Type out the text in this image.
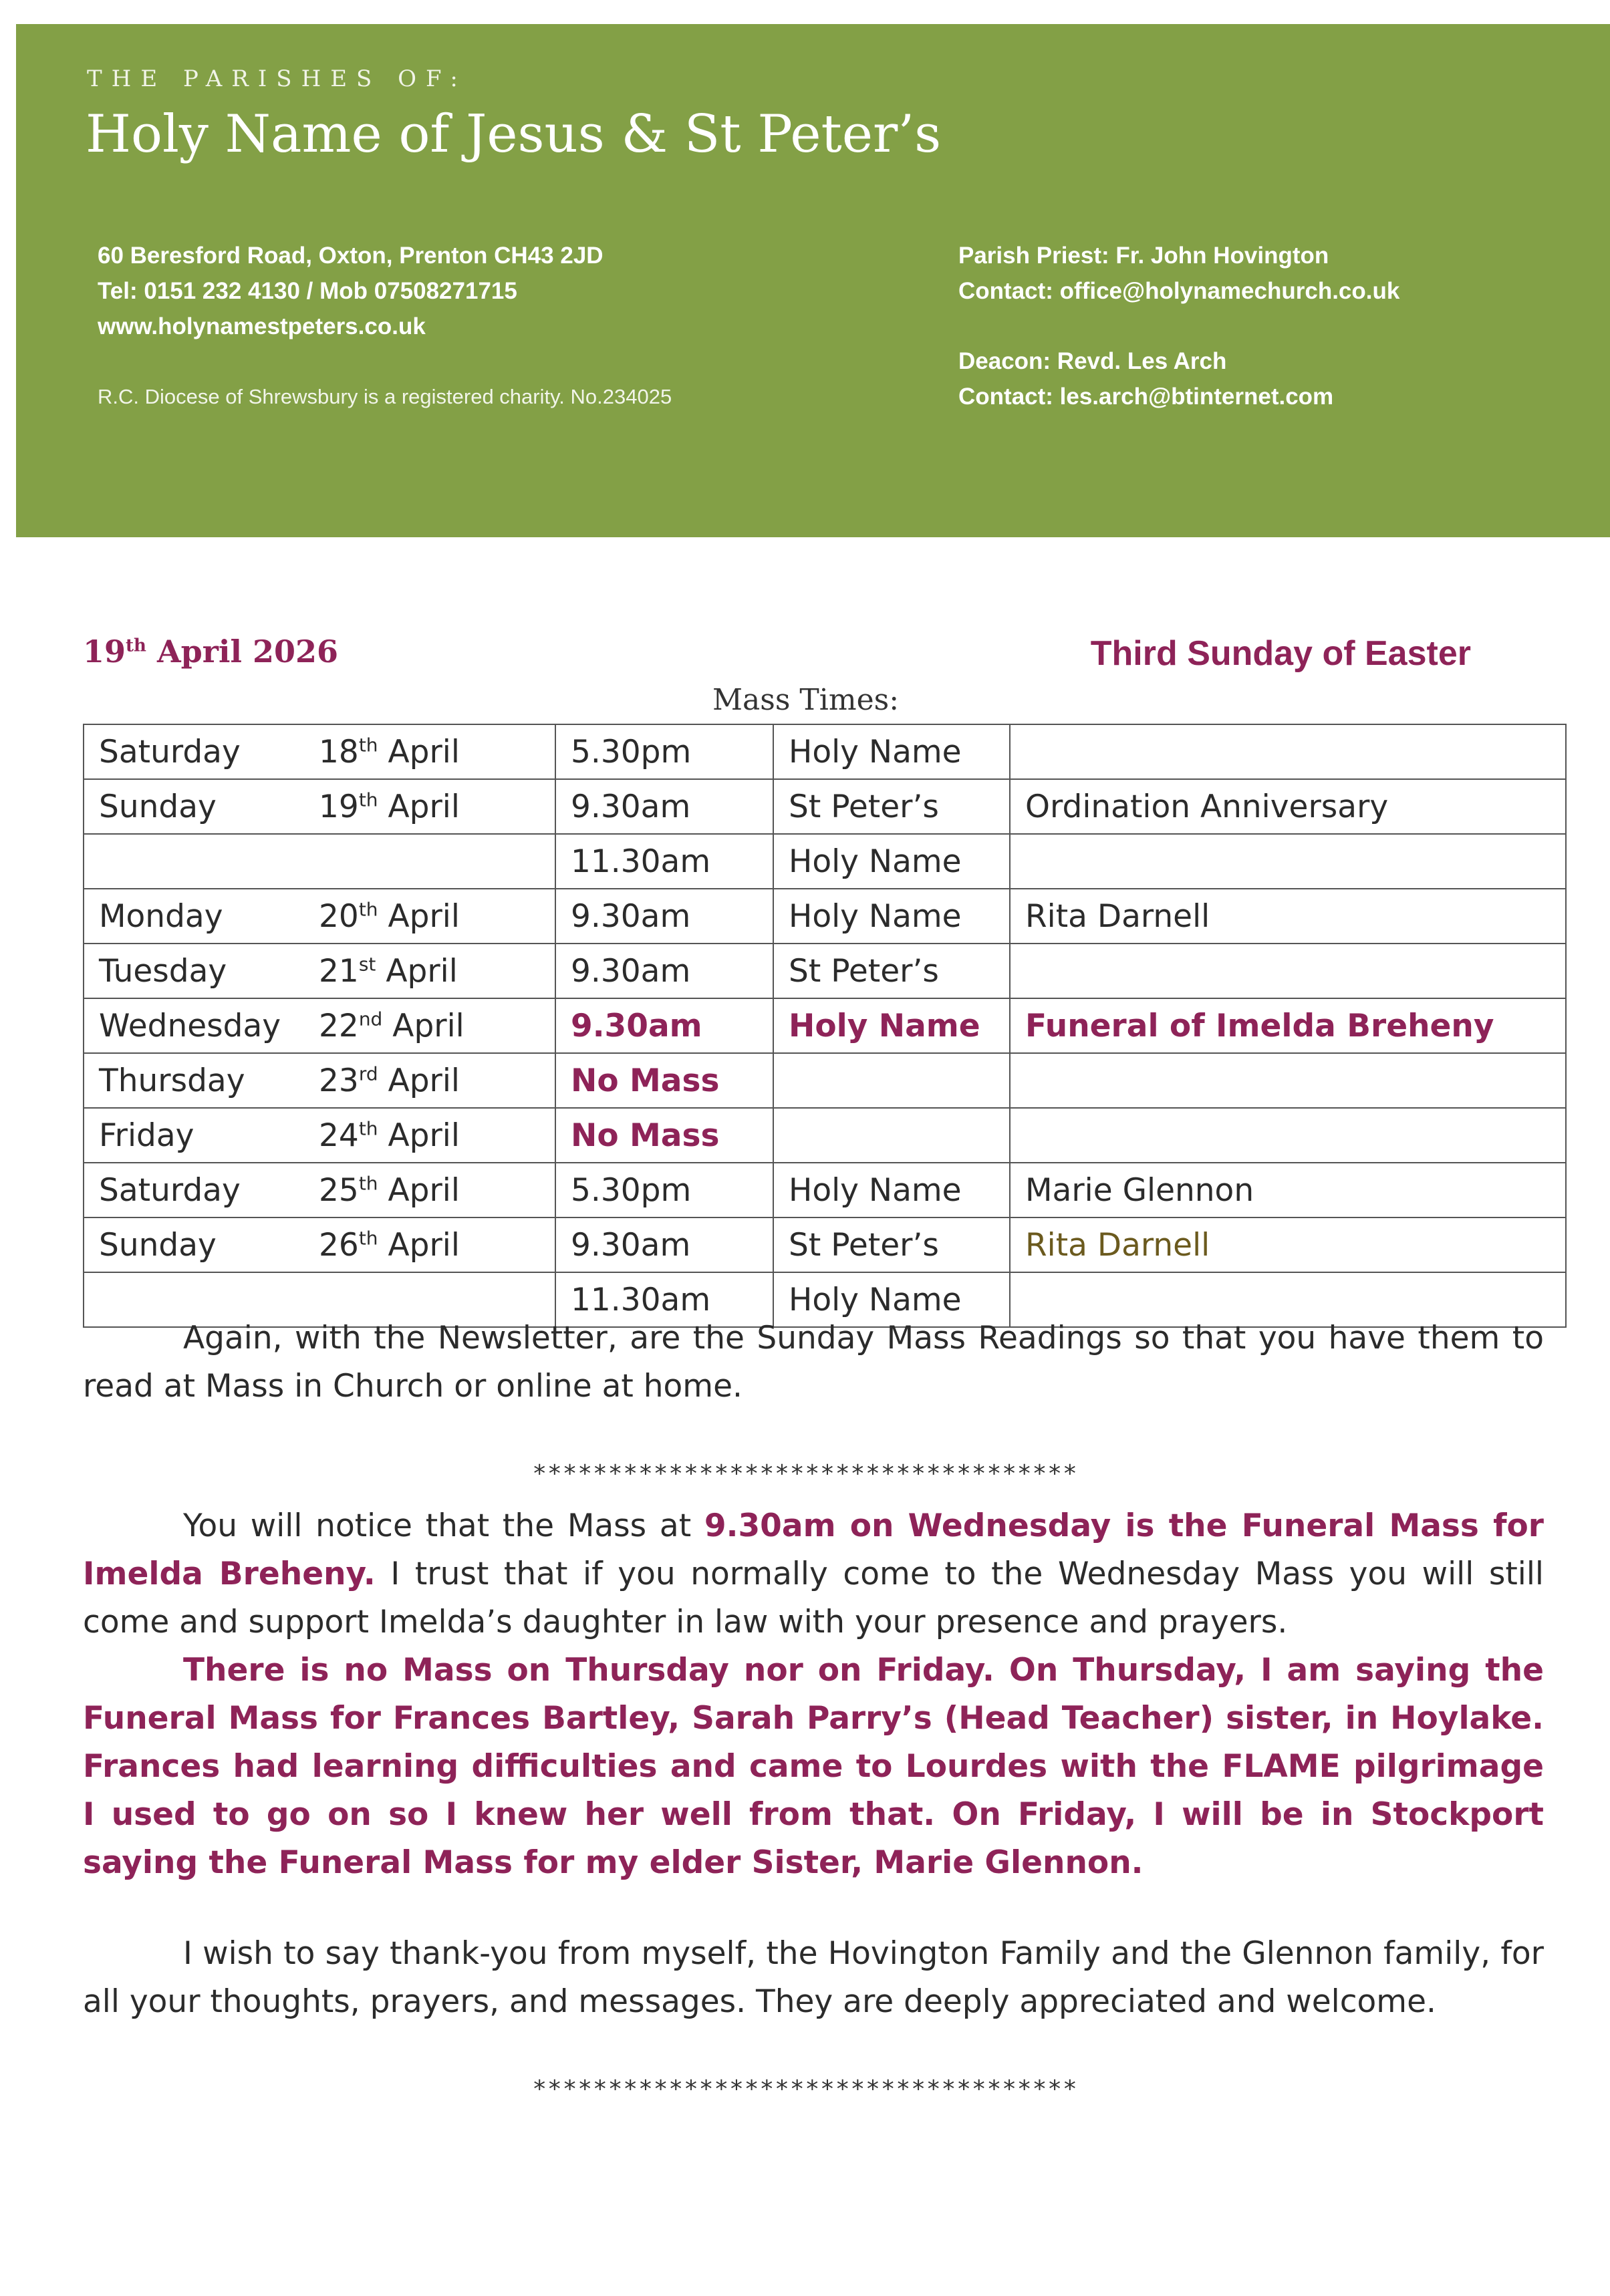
THE PARISHES OF:
Holy Name of Jesus & St Peter’s
60 Beresford Road, Oxton, Prenton CH43 2JD
Tel: 0151 232 4130 / Mob 07508271715
www.holynamestpeters.co.uk
R.C. Diocese of Shrewsbury is a registered charity. No.234025
Parish Priest: Fr. John Hovington
Contact: office@holynamechurch.co.uk
Deacon: Revd. Les Arch
Contact: les.arch@btinternet.com
19th April 2026	Third Sunday of Easter
Mass Times:
Saturday	18th April	5.30pm	Holy Name	
Sunday	19th April	9.30am	St Peter’s	Ordination Anniversary
		11.30am	Holy Name	
Monday	20th April	9.30am	Holy Name	Rita Darnell
Tuesday	21st April	9.30am	St Peter’s	
Wednesday	22nd April	9.30am	Holy Name	Funeral of Imelda Breheny
Thursday	23rd April	No Mass		
Friday	24th April	No Mass		
Saturday	25th April	5.30pm	Holy Name	Marie Glennon
Sunday	26th April	9.30am	St Peter’s	Rita Darnell
		11.30am	Holy Name	
Again, with the Newsletter, are the Sunday Mass Readings so that you have them to read at Mass in Church or online at home.
************************************
You will notice that the Mass at 9.30am on Wednesday is the Funeral Mass for Imelda Breheny. I trust that if you normally come to the Wednesday Mass you will still come and support Imelda’s daughter in law with your presence and prayers.
There is no Mass on Thursday nor on Friday. On Thursday, I am saying the Funeral Mass for Frances Bartley, Sarah Parry’s (Head Teacher) sister, in Hoylake. Frances had learning difficulties and came to Lourdes with the FLAME pilgrimage I used to go on so I knew her well from that. On Friday, I will be in Stockport saying the Funeral Mass for my elder Sister, Marie Glennon.
I wish to say thank-you from myself, the Hovington Family and the Glennon family, for all your thoughts, prayers, and messages. They are deeply appreciated and welcome.
************************************
